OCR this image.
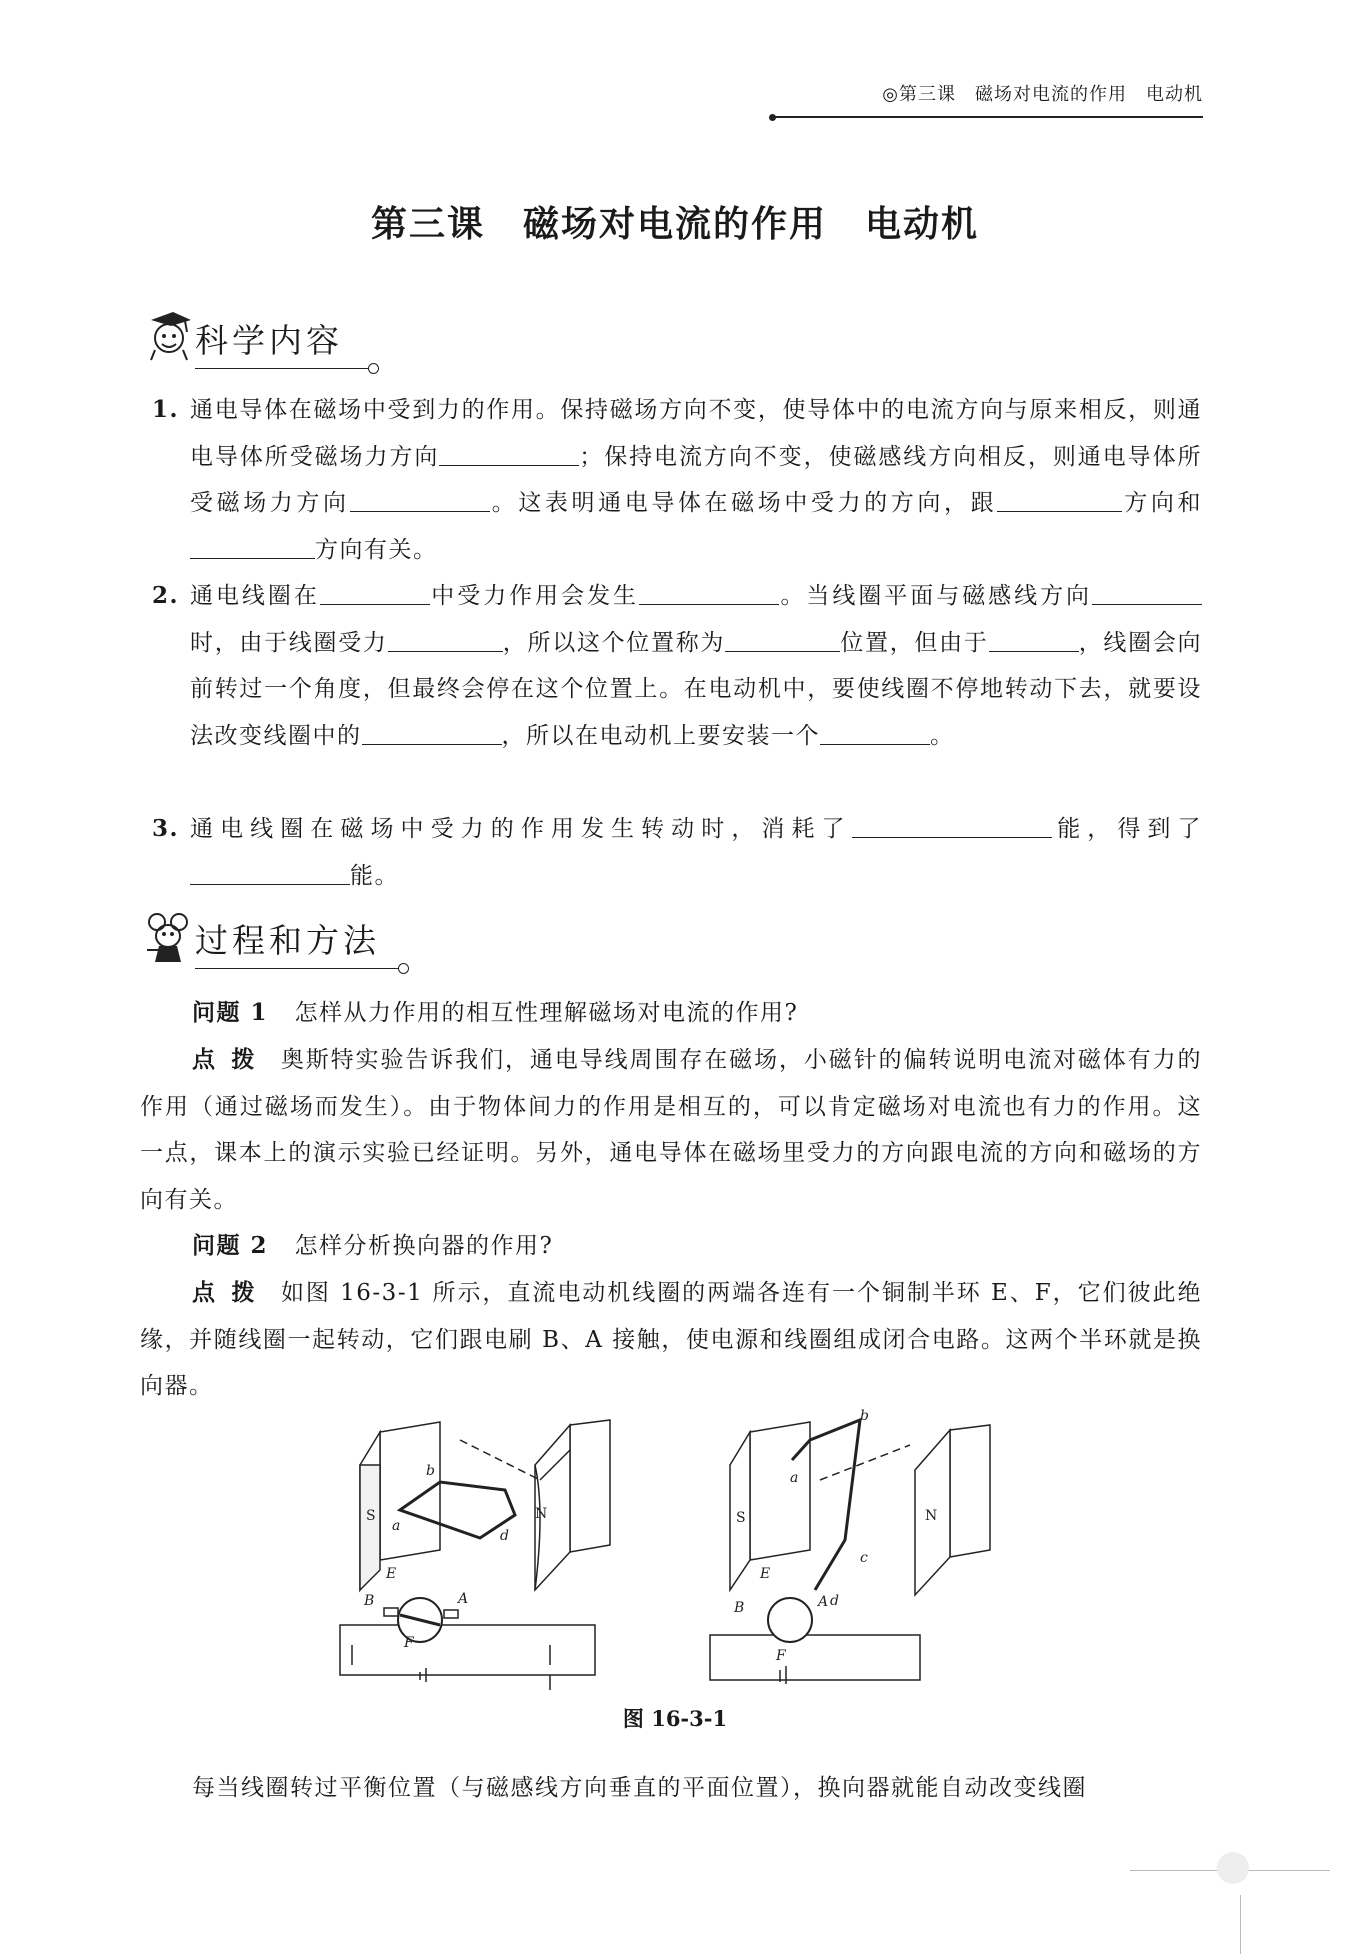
◎第三课　磁场对电流的作用　电动机
第三课　磁场对电流的作用　电动机
科学内容
1. 通电导体在磁场中受到力的作用。保持磁场方向不变，使导体中的电流方向与原来相反，则通电导体所受磁场力方向	；保持电流方向不变，使磁感线方向相反，则通电导体所受磁场力方向	。这表明通电导体在磁场中受力的方向，跟	方向和方向有关。
2. 通电线圈在	中受力作用会发生	。当线圈平面与磁感线方向时，由于线圈受力	，所以这个位置称为	位置，但由于	，线圈会向前转过一个角度，但最终会停在这个位置上。在电动机中，要使线圈不停地转动下去，就要设法改变线圈中的	，所以在电动机上要安装一个	。
3. 通电线圈在磁场中受力的作用发生转动时，消耗了	能，得到了能。
过程和方法
问题 1 怎样从力作用的相互性理解磁场对电流的作用?
点拨 奥斯特实验告诉我们，通电导线周围存在磁场，小磁针的偏转说明电流对磁体有力的作用（通过磁场而发生）。由于物体间力的作用是相互的，可以肯定磁场对电流也有力的作用。这一点，课本上的演示实验已经证明。另外，通电导体在磁场里受力的方向跟电流的方向和磁场的方向有关。
问题 2 怎样分析换向器的作用?
点拨 如图 16-3-1 所示，直流电动机线圈的两端各连有一个铜制半环 E、F，它们彼此绝缘，并随线圈一起转动，它们跟电刷 B、A 接触，使电源和线圈组成闭合电路。这两个半环就是换向器。
S	N
a
b
d
E
F
B	A
S	N
a
b
c
d
E
F
B	A
图 16-3-1
每当线圈转过平衡位置（与磁感线方向垂直的平面位置），换向器就能自动改变线圈
